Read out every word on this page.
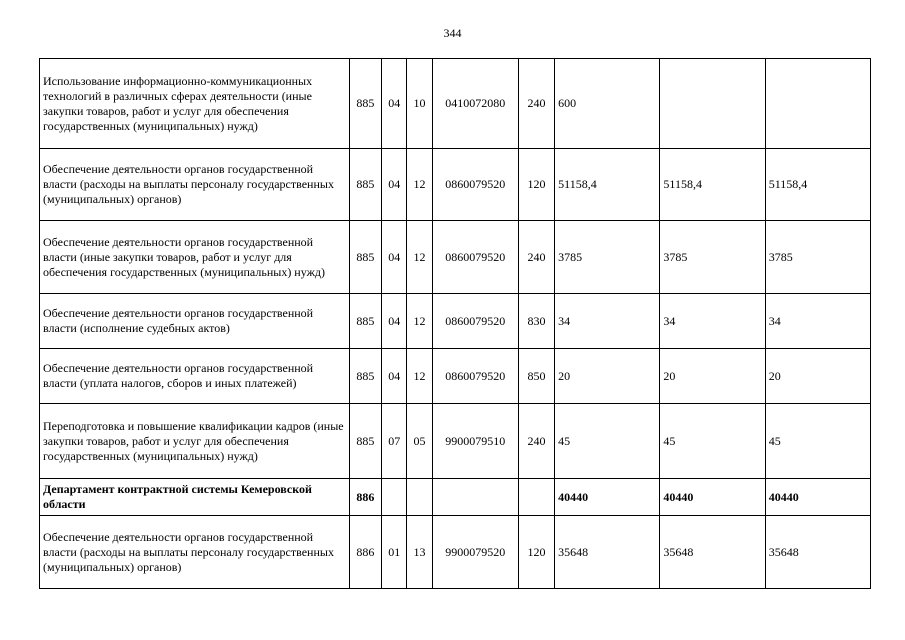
344
Использование информационно-коммуникационных технологий в различных сферах деятельности (иные закупки товаров, работ и услуг для обеспечения государственных (муниципальных) нужд)	885	04	10	0410072080	240	600		
Обеспечение деятельности органов государственной власти (расходы на выплаты персоналу государственных (муниципальных) органов)	885	04	12	0860079520	120	51158,4	51158,4	51158,4
Обеспечение деятельности органов государственной власти (иные закупки товаров, работ и услуг для обеспечения государственных (муниципальных) нужд)	885	04	12	0860079520	240	3785	3785	3785
Обеспечение деятельности органов государственной власти (исполнение судебных актов)	885	04	12	0860079520	830	34	34	34
Обеспечение деятельности органов государственной власти (уплата налогов, сборов и иных платежей)	885	04	12	0860079520	850	20	20	20
Переподготовка и повышение квалификации кадров (иные закупки товаров, работ и услуг для обеспечения государственных (муниципальных) нужд)	885	07	05	9900079510	240	45	45	45
Департамент контрактной системы Кемеровской области	886					40440	40440	40440
Обеспечение деятельности органов государственной власти (расходы на выплаты персоналу государственных (муниципальных) органов)	886	01	13	9900079520	120	35648	35648	35648
